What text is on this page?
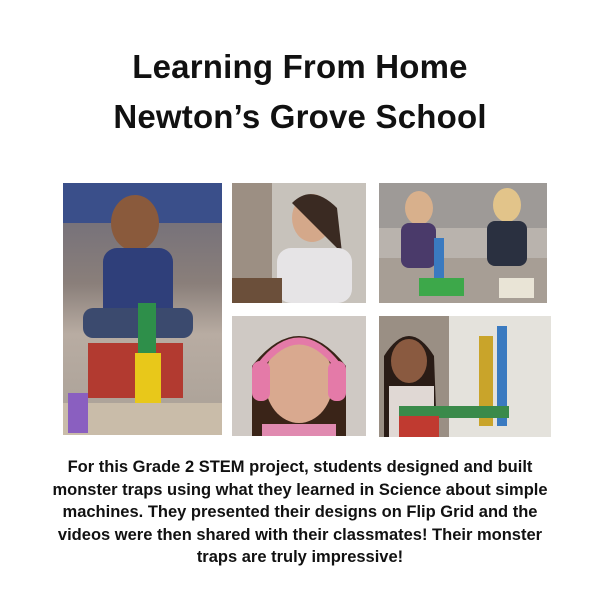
Learning From Home
Newton’s Grove School
For this Grade 2 STEM project, students designed and built
monster traps using what they learned in Science about simple
machines. They presented their designs on Flip Grid and the
videos were then shared with their classmates! Their monster
traps are truly impressive!
